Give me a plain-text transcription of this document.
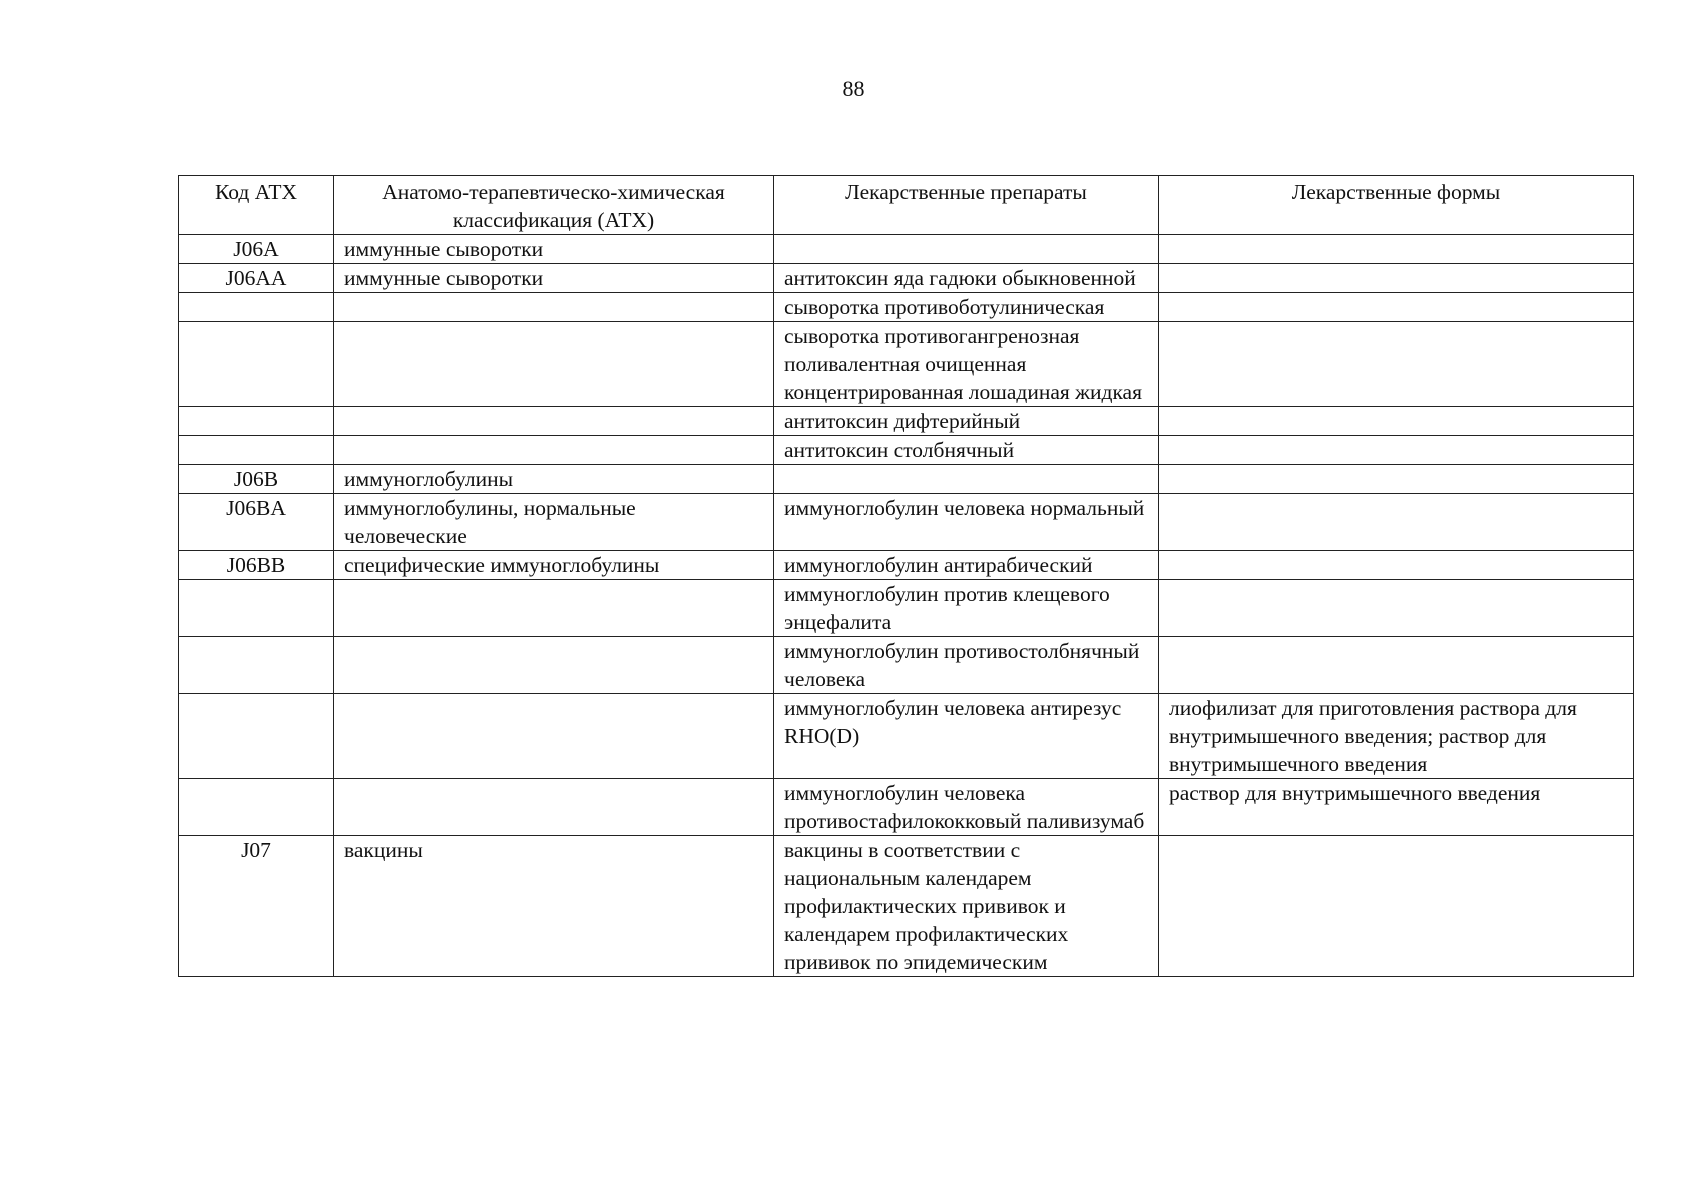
88
Код АТХ	Анатомо-терапевтическо-химическая классификация (АТХ)	Лекарственные препараты	Лекарственные формы
J06A	иммунные сыворотки		
J06AA	иммунные сыворотки	антитоксин яда гадюки обыкновенной	
		сыворотка противоботулиническая	
		сыворотка противогангренозная поливалентная очищенная концентрированная лошадиная жидкая	
		антитоксин дифтерийный	
		антитоксин столбнячный	
J06B	иммуноглобулины		
J06BA	иммуноглобулины, нормальные человеческие	иммуноглобулин человека нормальный	
J06BB	специфические иммуноглобулины	иммуноглобулин антирабический	
		иммуноглобулин против клещевого энцефалита	
		иммуноглобулин противостолбнячный человека	
		иммуноглобулин человека антирезус RHO(D)	лиофилизат для приготовления раствора для внутримышечного введения; раствор для внутримышечного введения
		иммуноглобулин человека противостафилококковый паливизумаб	раствор для внутримышечного введения
J07	вакцины	вакцины в соответствии с национальным календарем профилактических прививок и календарем профилактических прививок по эпидемическим	
